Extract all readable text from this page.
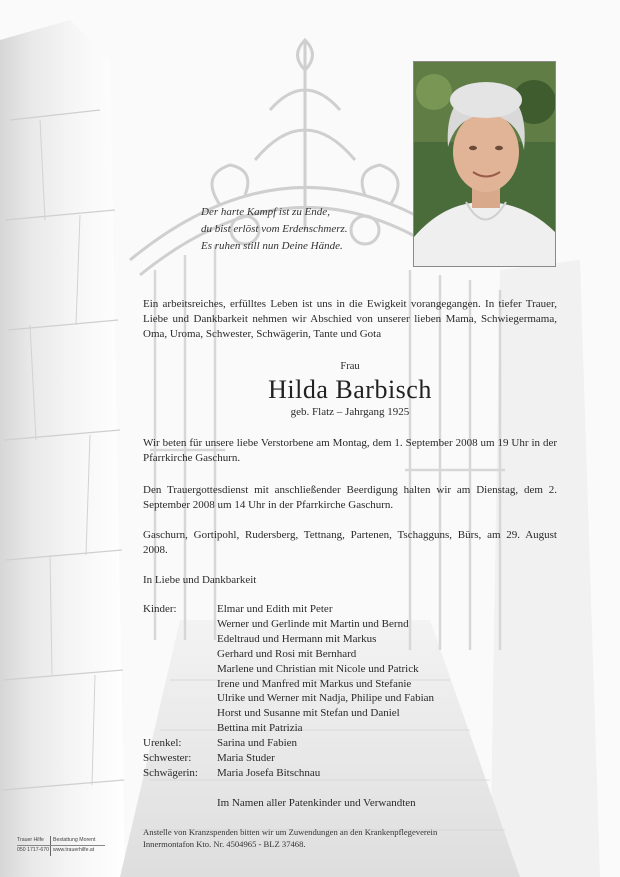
Der harte Kampf ist zu Ende,
du bist erlöst vom Erdenschmerz.
Es ruhen still nun Deine Hände.
Ein arbeitsreiches, erfülltes Leben ist uns in die Ewigkeit vorangegangen. In tiefer Trauer, Liebe und Dankbarkeit nehmen wir Abschied von unserer lieben Mama, Schwiegermama, Oma, Uroma, Schwester, Schwägerin, Tante und Gota
Frau
Hilda Barbisch
geb. Flatz – Jahrgang 1925
Wir beten für unsere liebe Verstorbene am Montag, dem 1. September 2008 um 19 Uhr in der Pfarrkirche Gaschurn.
Den Trauergottesdienst mit anschließender Beerdigung halten wir am Dienstag, dem 2. September 2008 um 14 Uhr in der Pfarrkirche Gaschurn.
Gaschurn, Gortipohl, Rudersberg, Tettnang, Partenen, Tschagguns, Bürs, am 29. August 2008.
In Liebe und Dankbarkeit
Kinder:	Elmar und Edith mit Peter
Werner und Gerlinde mit Martin und Bernd
Edeltraud und Hermann mit Markus
Gerhard und Rosi mit Bernhard
Marlene und Christian mit Nicole und Patrick
Irene und Manfred mit Markus und Stefanie
Ulrike und Werner mit Nadja, Philipe und Fabian
Horst und Susanne mit Stefan und Daniel
Bettina mit Patrizia
Urenkel:	Sarina und Fabien
Schwester:	Maria Studer
Schwägerin:	Maria Josefa Bitschnau
Im Namen aller Patenkinder und Verwandten
Anstelle von Kranzspenden bitten wir um Zuwendungen an den Krankenpflegeverein
Innermontafon Kto. Nr. 4504965 - BLZ 37468.
Trauer Hilfe Bestattung Morent
050 1717-670 www.trauerhilfe.at
